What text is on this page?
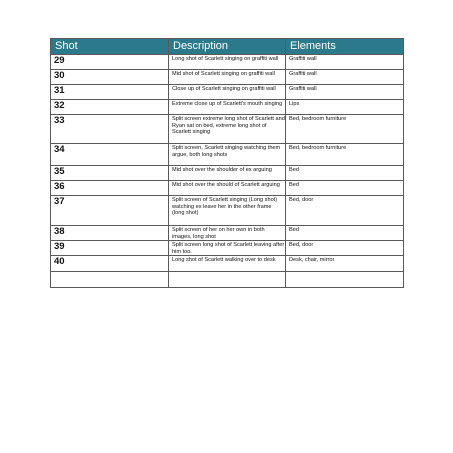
Shot	Description	Elements
29	Long shot of Scarlett singing on graffiti wall	Graffiti wall
30	Mid shot of Scarlett singing on graffiti wall	Graffiti wall
31	Close up of Scarlett singing on graffiti wall	Graffiti wall
32	Extreme close up of Scarlett's mouth singing	Lips
33	Split screen extreme long shot of Scarlett and Ryan sat on bed, extreme long shot of Scarlett singing	Bed, bedroom furniture
34	Split screen, Scarlett singing watching them argue, both long shots	Bed, bedroom furniture
35	Mid shot over the shoulder of ex arguing	Bed
36	Mid shot over the should of Scarlett arguing	Bed
37	Split screen of Scarlett singing (Long shot) watching ex leave her in the other frame (long shot)	Bed, door
38	Split screen of her on her own in both images, long shot	Bed
39	Split screen long shot of Scarlett leaving after him too.	Bed, door
40	Long shot of Scarlett walking over to desk	Desk, chair, mirror
